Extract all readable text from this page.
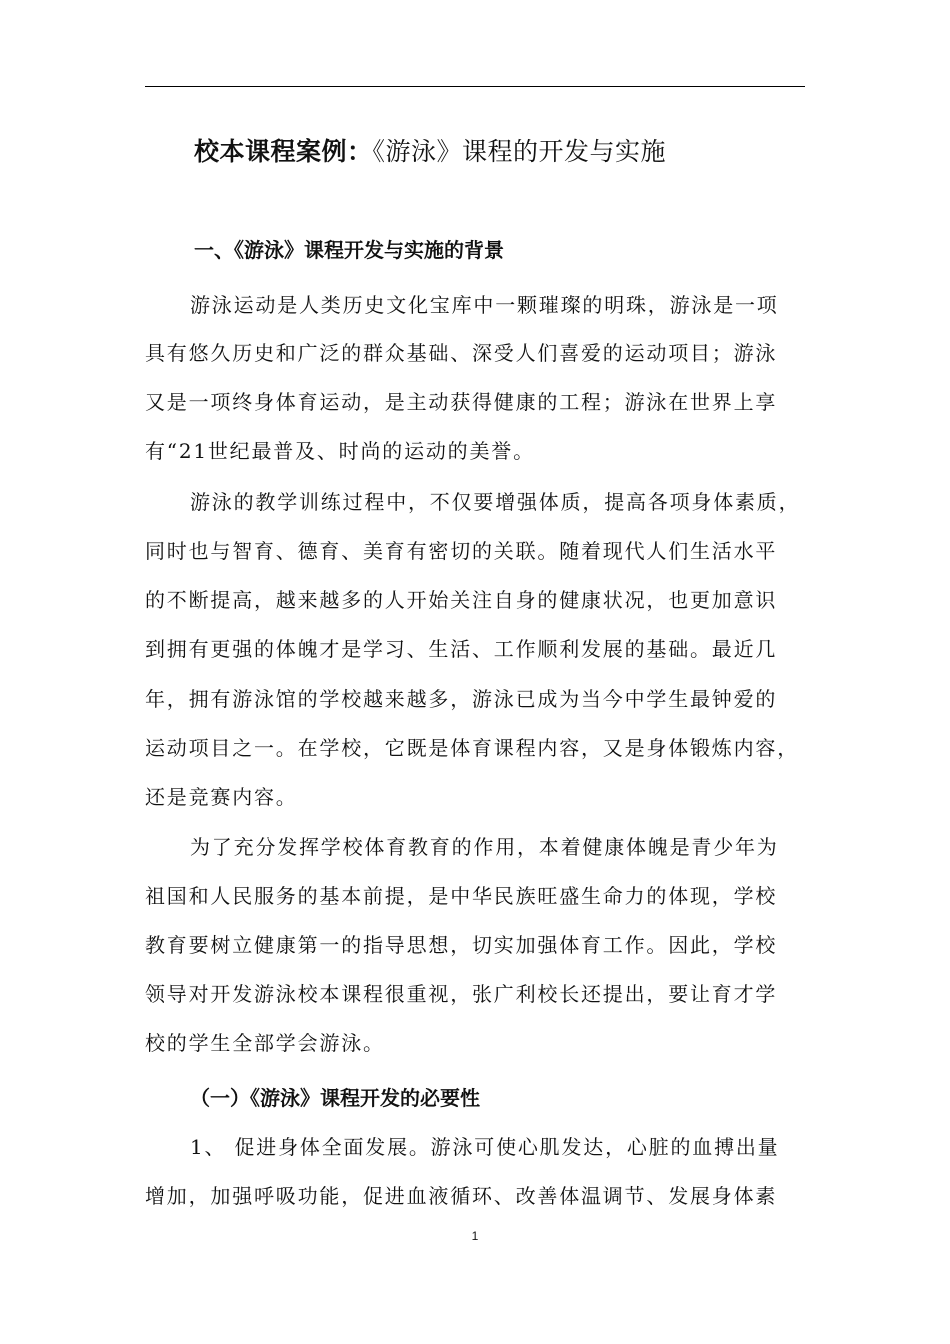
校本课程案例：《游泳》课程的开发与实施
一、《游泳》课程开发与实施的背景
游泳运动是人类历史文化宝库中一颗璀璨的明珠，游泳是一项
具有悠久历史和广泛的群众基础、深受人们喜爱的运动项目；游泳
又是一项终身体育运动，是主动获得健康的工程；游泳在世界上享
有“21世纪最普及、时尚的运动的美誉。
游泳的教学训练过程中，不仅要增强体质，提高各项身体素质，
同时也与智育、德育、美育有密切的关联。随着现代人们生活水平
的不断提高，越来越多的人开始关注自身的健康状况，也更加意识
到拥有更强的体魄才是学习、生活、工作顺利发展的基础。最近几
年，拥有游泳馆的学校越来越多，游泳已成为当今中学生最钟爱的
运动项目之一。在学校，它既是体育课程内容，又是身体锻炼内容，
还是竞赛内容。
为了充分发挥学校体育教育的作用，本着健康体魄是青少年为
祖国和人民服务的基本前提，是中华民族旺盛生命力的体现，学校
教育要树立健康第一的指导思想，切实加强体育工作。因此，学校
领导对开发游泳校本课程很重视，张广利校长还提出，要让育才学
校的学生全部学会游泳。
（一）《游泳》课程开发的必要性
1、 促进身体全面发展。游泳可使心肌发达，心脏的血搏出量
增加，加强呼吸功能，促进血液循环、改善体温调节、发展身体素
1
